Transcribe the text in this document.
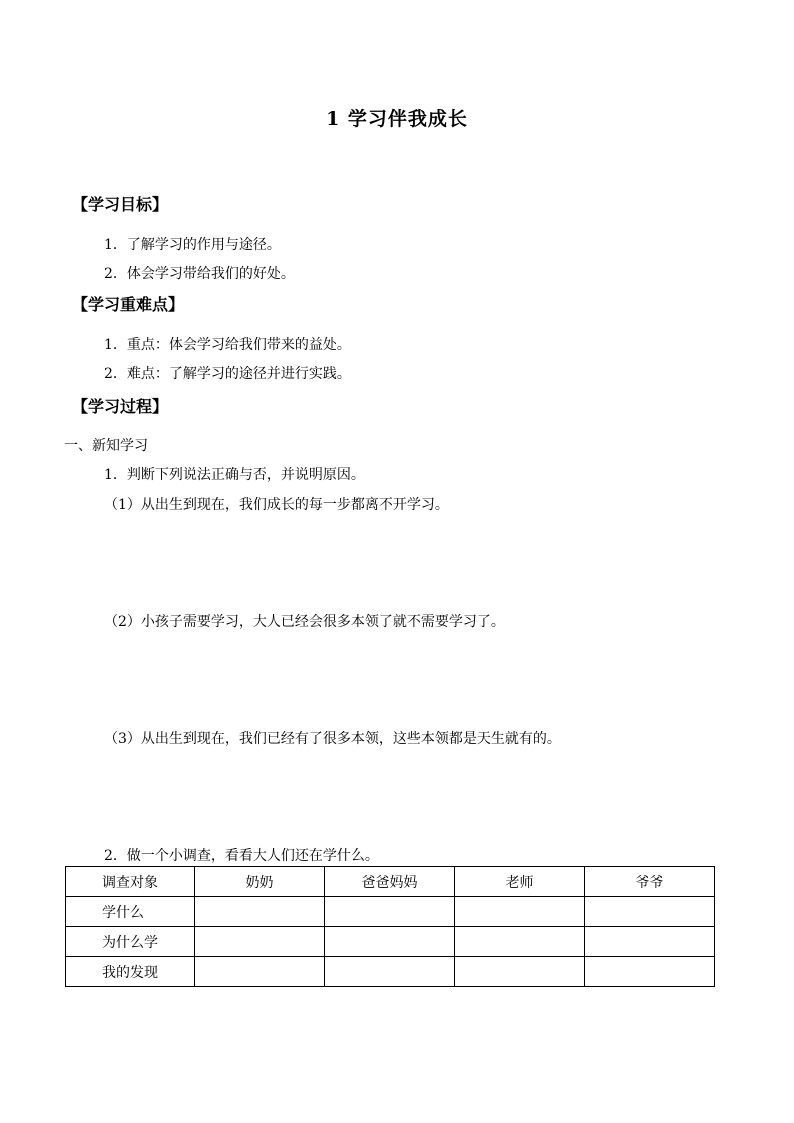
1 学习伴我成长
【学习目标】
1．了解学习的作用与途径。
2．体会学习带给我们的好处。
【学习重难点】
1．重点：体会学习给我们带来的益处。
2．难点：了解学习的途径并进行实践。
【学习过程】
一、新知学习
1．判断下列说法正确与否，并说明原因。
（1）从出生到现在，我们成长的每一步都离不开学习。
（2）小孩子需要学习，大人已经会很多本领了就不需要学习了。
（3）从出生到现在，我们已经有了很多本领，这些本领都是天生就有的。
2．做一个小调查，看看大人们还在学什么。
调查对象	奶奶	爸爸妈妈	老师	爷爷
学什么				
为什么学				
我的发现				
